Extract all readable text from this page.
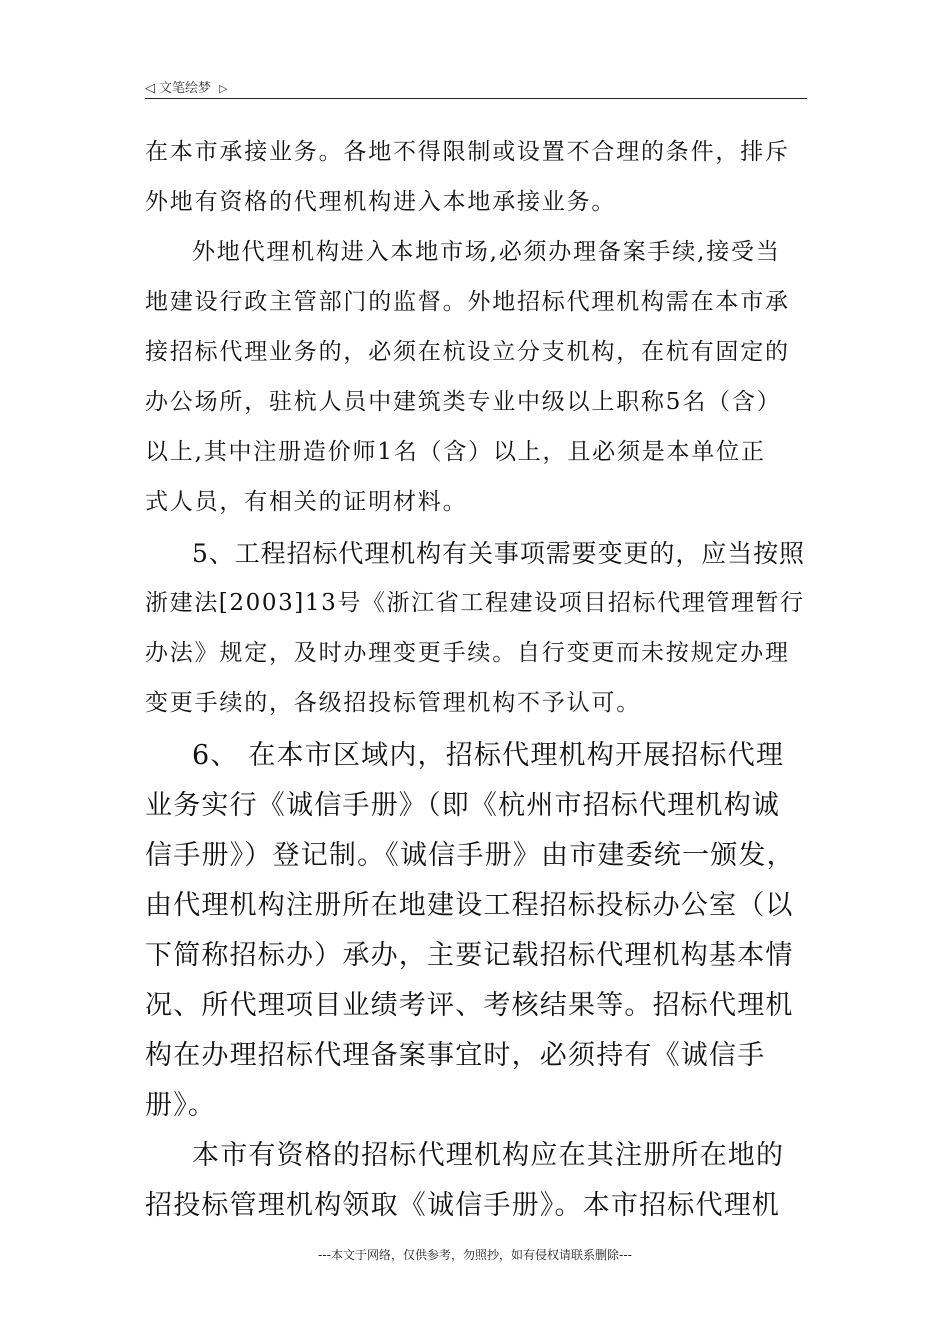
◁ 文笔绘梦 ▷

在本市承接业务。各地不得限制或设置不合理的条件，排斥

外地有资格的代理机构进入本地承接业务。

外地代理机构进入本地市场,必须办理备案手续,接受当

地建设行政主管部门的监督。外地招标代理机构需在本市承

接招标代理业务的，必须在杭设立分支机构，在杭有固定的

办公场所，驻杭人员中建筑类专业中级以上职称5名（含）

以上,其中注册造价师1名（含）以上，且必须是本单位正

式人员，有相关的证明材料。

5、工程招标代理机构有关事项需要变更的，应当按照

浙建法[2003]13号《浙江省工程建设项目招标代理管理暂行

办法》规定，及时办理变更手续。自行变更而未按规定办理

变更手续的，各级招投标管理机构不予认可。

6、 在本市区域内，招标代理机构开展招标代理

业务实行《诚信手册》（即《杭州市招标代理机构诚

信手册》）登记制。《诚信手册》由市建委统一颁发，

由代理机构注册所在地建设工程招标投标办公室（以

下简称招标办）承办，主要记载招标代理机构基本情

况、所代理项目业绩考评、考核结果等。招标代理机

构在办理招标代理备案事宜时，必须持有《诚信手

册》。

本市有资格的招标代理机构应在其注册所在地的

招投标管理机构领取《诚信手册》。本市招标代理机

---本文于网络，仅供参考，勿照抄，如有侵权请联系删除---
